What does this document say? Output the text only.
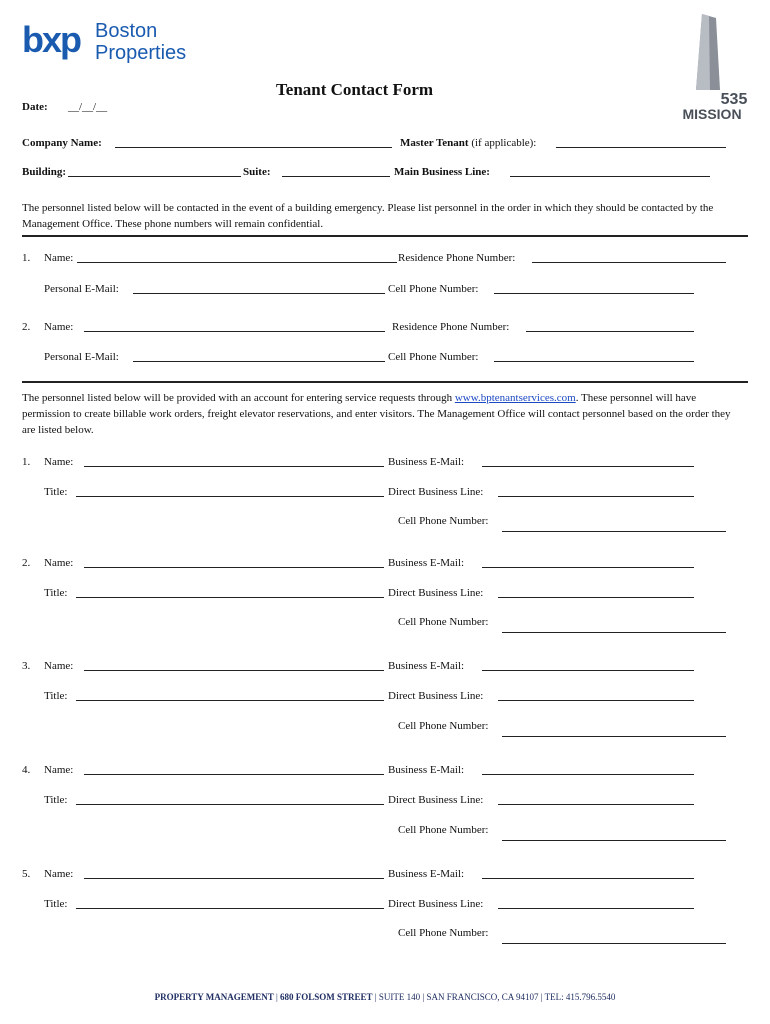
bxp Boston
Properties
535
MISSION
Tenant Contact Form
Date: __/__/__
Company Name:	Master Tenant (if applicable):
Building:	Suite:	Main Business Line:
The personnel listed below will be contacted in the event of a building emergency. Please list personnel in the order in which they should be contacted by the Management Office. These phone numbers will remain confidential.
1. Name:	Residence Phone Number:
Personal E-Mail:	Cell Phone Number:
2. Name:	Residence Phone Number:
Personal E-Mail:	Cell Phone Number:
The personnel listed below will be provided with an account for entering service requests through www.bptenantservices.com. These personnel will have permission to create billable work orders, freight elevator reservations, and enter visitors. The Management Office will contact personnel based on the order they are listed below.
1. Name:	Business E-Mail:
Title:	Direct Business Line:
Cell Phone Number:
2. Name:	Business E-Mail:
Title:	Direct Business Line:
Cell Phone Number:
3. Name:	Business E-Mail:
Title:	Direct Business Line:
Cell Phone Number:
4. Name:	Business E-Mail:
Title:	Direct Business Line:
Cell Phone Number:
5. Name:	Business E-Mail:
Title:	Direct Business Line:
Cell Phone Number:
PROPERTY MANAGEMENT | 680 FOLSOM STREET | SUITE 140 | SAN FRANCISCO, CA 94107 | TEL: 415.796.5540
